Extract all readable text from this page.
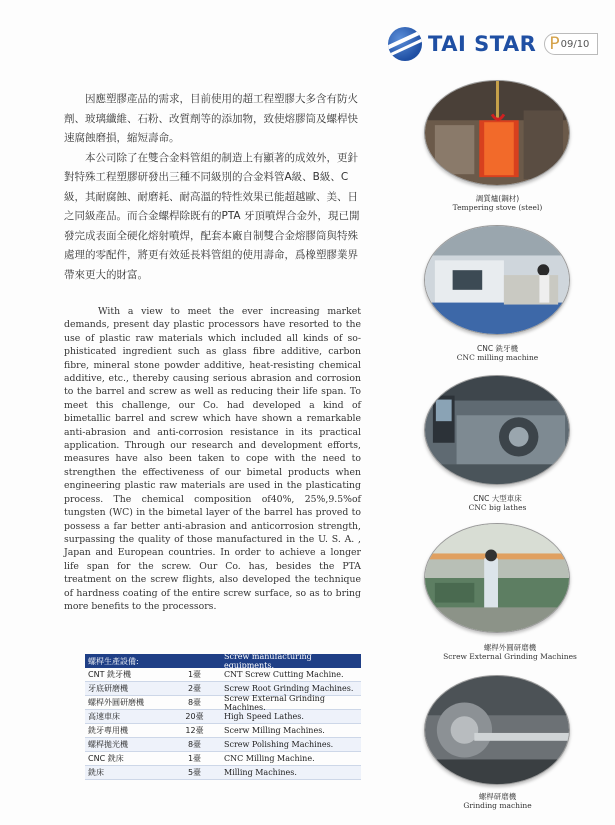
TAI STAR P 09/10

因應塑膠產品的需求，目前使用的超工程塑膠大多含有防火劑、玻璃纖維、石粉、改質劑等的添加物，致使熔膠筒及螺桿快速腐蝕磨損，縮短壽命。

本公司除了在雙合金料管組的制造上有顯著的成效外，更針對特殊工程塑膠研發出三種不同級別的合金料管A級、B級、C級，其耐腐蝕、耐磨耗、耐高溫的特性效果已能超越歐、美、日之同級產品。而合金螺桿除既有的PTA 牙頂噴焊合金外，現已開發完成表面全硬化熔射噴焊，配套本廠自制雙合金熔膠筒與特殊處理的零配件，將更有效延長料管組的使用壽命，爲橡塑膠業界帶來更大的財富。

With a view to meet the ever increasing market demands, present day plastic processors have resorted to the use of plastic raw materials which included all kinds of so-phisticated ingredient such as glass fibre additive, carbon fibre, mineral stone powder additive, heat-resisting chemical additive, etc., thereby causing serious abrasion and corrosion to the barrel and screw as well as reducing their life span. To meet this challenge, our Co. had developed a kind of bimetallic barrel and screw which have shown a remarkable anti-abrasion and anti-corrosion resistance in its practical application. Through our research and development efforts, measures have also been taken to cope with the need to strengthen the effectiveness of our bimetal products when engineering plastic raw materials are used in the plasticating process. The chemical composition of40%, 25%,9.5%of tungsten (WC) in the bimetal layer of the barrel has proved to possess a far better anti-abrasion and anticorrosion strength, surpassing the quality of those manufactured in the U. S. A. , Japan and European countries. In order to achieve a longer life span for the screw. Our Co. has, besides the PTA treatment on the screw flights, also developed the technique of hardness coating of the entire screw surface, so as to bring more benefits to the processors.

螺桿生產設備:	Screw manufacturing equipments.
CNT 銑牙機	1臺	CNT Screw Cutting Machine.
牙底研磨機	2臺	Screw Root Grinding Machines.
螺桿外圓研磨機	8臺	Screw External Grinding Machines.
高速車床	20臺	High Speed Lathes.
銑牙專用機	12臺	Scerw Milling Machines.
螺桿拋光機	8臺	Screw Polishing Machines.
CNC 銑床	1臺	CNC Milling Machine.
銑床	5臺	Milling Machines.
調質爐(鋼材)
Tempering stove (steel)
CNC 銑牙機
CNC milling machine
CNC 大型車床
CNC big lathes
螺桿外圓研磨機
Screw External Grinding Machines
螺桿研磨機
Grinding machine
